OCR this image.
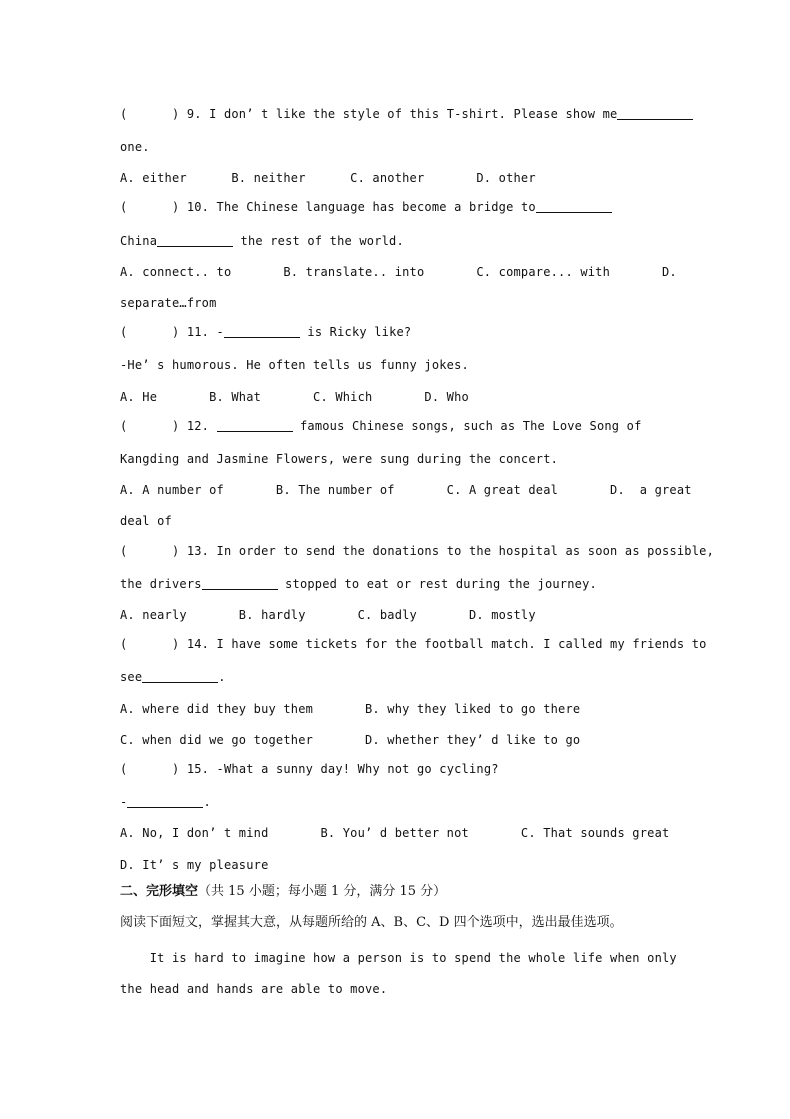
(      ) 9. I don’ t like the style of this T-shirt. Please show me
one.
A. either      B. neither      C. another       D. other
(      ) 10. The Chinese language has become a bridge to
China	the rest of the world.
A. connect.. to       B. translate.. into       C. compare... with       D.
separate…from
(      ) 11. -	is Ricky like?
-He’ s humorous. He often tells us funny jokes.
A. He       B. What       C. Which       D. Who
(      ) 12.	famous Chinese songs, such as The Love Song of
Kangding and Jasmine Flowers, were sung during the concert.
A. A number of       B. The number of       C. A great deal       D.  a great
deal of
(      ) 13. In order to send the donations to the hospital as soon as possible,
the drivers	stopped to eat or rest during the journey.
A. nearly       B. hardly       C. badly       D. mostly
(      ) 14. I have some tickets for the football match. I called my friends to
see	.
A. where did they buy them       B. why they liked to go there
C. when did we go together       D. whether they’ d like to go
(      ) 15. -What a sunny day! Why not go cycling?
-	.
A. No, I don’ t mind       B. You’ d better not       C. That sounds great
D. It’ s my pleasure
二、完形填空（共 15 小题；每小题 1 分，满分 15 分）
阅读下面短文，掌握其大意，从每题所给的 A、B、C、D 四个选项中，选出最佳选项。
It is hard to imagine how a person is to spend the whole life when only
the head and hands are able to move.
